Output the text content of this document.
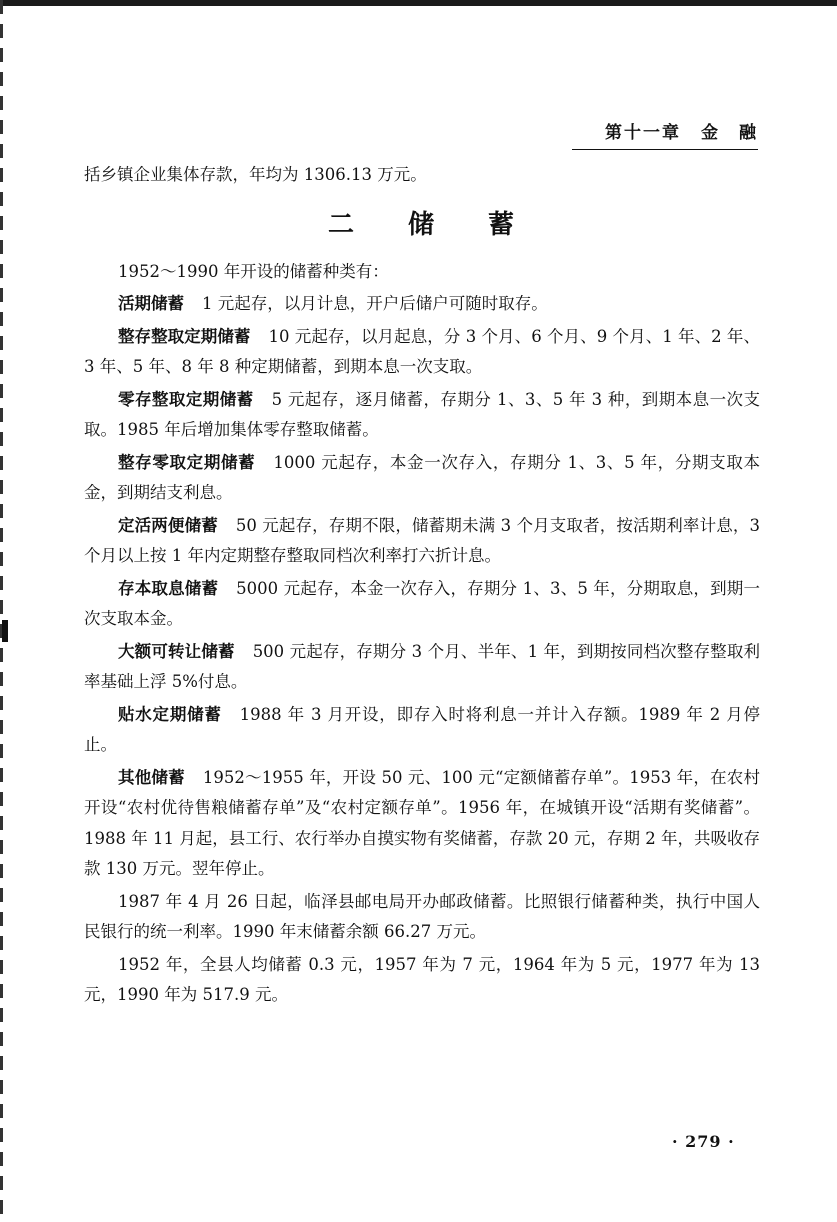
第十一章 金　融

括乡镇企业集体存款，年均为 1306.13 万元。

二 储 蓄

1952～1990 年开设的储蓄种类有：

活期储蓄 1 元起存，以月计息，开户后储户可随时取存。

整存整取定期储蓄 10 元起存，以月起息，分 3 个月、6 个月、9 个月、1 年、2 年、3 年、5 年、8 年 8 种定期储蓄，到期本息一次支取。

零存整取定期储蓄 5 元起存，逐月储蓄，存期分 1、3、5 年 3 种，到期本息一次支取。1985 年后增加集体零存整取储蓄。

整存零取定期储蓄 1000 元起存，本金一次存入，存期分 1、3、5 年，分期支取本金，到期结支利息。

定活两便储蓄 50 元起存，存期不限，储蓄期未满 3 个月支取者，按活期利率计息，3 个月以上按 1 年内定期整存整取同档次利率打六折计息。

存本取息储蓄 5000 元起存，本金一次存入，存期分 1、3、5 年，分期取息，到期一次支取本金。

大额可转让储蓄 500 元起存，存期分 3 个月、半年、1 年，到期按同档次整存整取利率基础上浮 5%付息。

贴水定期储蓄 1988 年 3 月开设，即存入时将利息一并计入存额。1989 年 2 月停止。

其他储蓄 1952～1955 年，开设 50 元、100 元“定额储蓄存单”。1953 年，在农村开设“农村优待售粮储蓄存单”及“农村定额存单”。1956 年，在城镇开设“活期有奖储蓄”。1988 年 11 月起，县工行、农行举办自摸实物有奖储蓄，存款 20 元，存期 2 年，共吸收存款 130 万元。翌年停止。

1987 年 4 月 26 日起，临泽县邮电局开办邮政储蓄。比照银行储蓄种类，执行中国人民银行的统一利率。1990 年末储蓄余额 66.27 万元。

1952 年，全县人均储蓄 0.3 元，1957 年为 7 元，1964 年为 5 元，1977 年为 13 元，1990 年为 517.9 元。

· 279 ·
